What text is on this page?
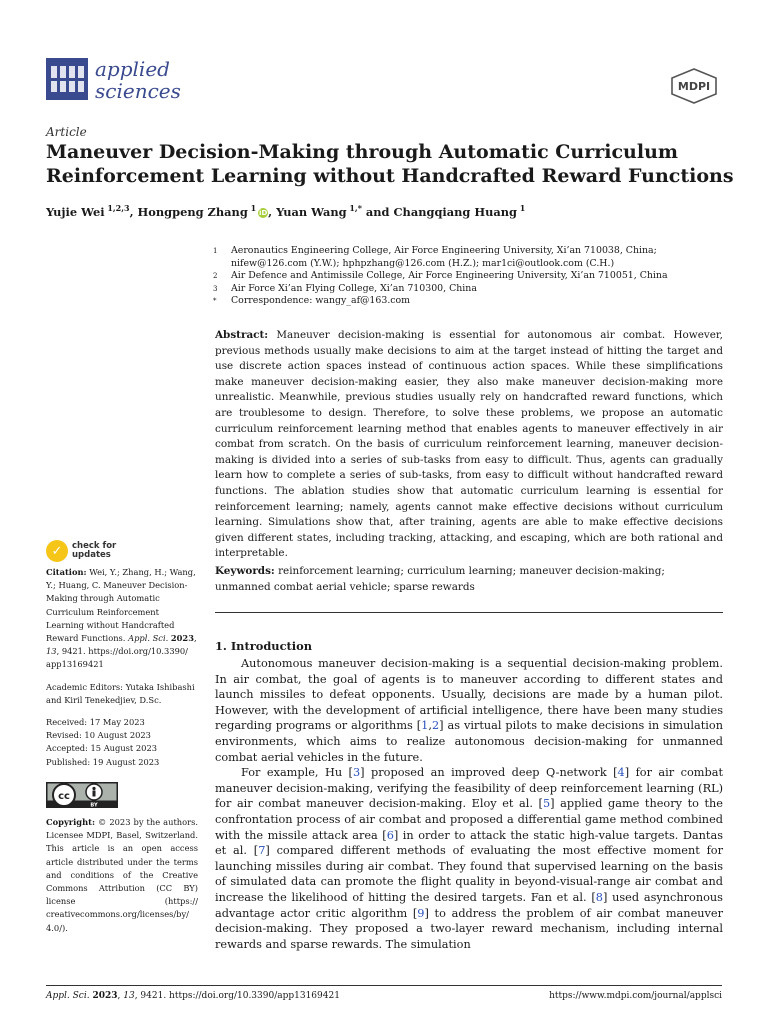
applied
sciences	MDPI
Article
Maneuver Decision-Making through Automatic Curriculum Reinforcement Learning without Handcrafted Reward Functions
Yujie Wei $^{1,2,3}$, Hongpeng Zhang $^1$ iD, Yuan Wang $^{1,*}$ and Changqiang Huang $^1$
1	Aeronautics Engineering College, Air Force Engineering University, Xi’an 710038, China; nifew@126.com (Y.W.); hphpzhang@126.com (H.Z.); mar1ci@outlook.com (C.H.)
2	Air Defence and Antimissile College, Air Force Engineering University, Xi’an 710051, China
3	Air Force Xi’an Flying College, Xi’an 710300, China
*	Correspondence: wangy_af@163.com

Abstract: Maneuver decision-making is essential for autonomous air combat. However, previous methods usually make decisions to aim at the target instead of hitting the target and use discrete action spaces instead of continuous action spaces. While these simplifications make maneuver decision-making easier, they also make maneuver decision-making more unrealistic. Meanwhile, previous studies usually rely on handcrafted reward functions, which are troublesome to design. Therefore, to solve these problems, we propose an automatic curriculum reinforcement learning method that enables agents to maneuver effectively in air combat from scratch. On the basis of curriculum reinforcement learning, maneuver decision-making is divided into a series of sub-tasks from easy to difficult. Thus, agents can gradually learn how to complete a series of sub-tasks, from easy to difficult without handcrafted reward functions. The ablation studies show that automatic curriculum learning is essential for reinforcement learning; namely, agents cannot make effective decisions without curriculum learning. Simulations show that, after training, agents are able to make effective decisions given different states, including tracking, attacking, and escaping, which are both rational and interpretable.

Keywords: reinforcement learning; curriculum learning; maneuver decision-making; unmanned combat aerial vehicle; sparse rewards

✓	check for
updates

Citation: Wei, Y.; Zhang, H.; Wang, Y.; Huang, C. Maneuver Decision-Making through Automatic Curriculum Reinforcement Learning without Handcrafted Reward Functions. Appl. Sci. 2023, 13, 9421. https://doi.org/10.3390/ app13169421

Academic Editors: Yutaka Ishibashi and Kiril Tenekedjiev, D.Sc.

Received: 17 May 2023
Revised: 10 August 2023
Accepted: 15 August 2023
Published: 19 August 2023

cc
BY

Copyright: © 2023 by the authors. Licensee MDPI, Basel, Switzerland. This article is an open access article distributed under the terms and conditions of the Creative Commons Attribution (CC BY) license (https:// creativecommons.org/licenses/by/ 4.0/).

1. Introduction

Autonomous maneuver decision-making is a sequential decision-making problem. In air combat, the goal of agents is to maneuver according to different states and launch missiles to defeat opponents. Usually, decisions are made by a human pilot. However, with the development of artificial intelligence, there have been many studies regarding programs or algorithms [1,2] as virtual pilots to make decisions in simulation environments, which aims to realize autonomous decision-making for unmanned combat aerial vehicles in the future.

For example, Hu [3] proposed an improved deep Q-network [4] for air combat maneuver decision-making, verifying the feasibility of deep reinforcement learning (RL) for air combat maneuver decision-making. Eloy et al. [5] applied game theory to the confrontation process of air combat and proposed a differential game method combined with the missile attack area [6] in order to attack the static high-value targets. Dantas et al. [7] compared different methods of evaluating the most effective moment for launching missiles during air combat. They found that supervised learning on the basis of simulated data can promote the flight quality in beyond-visual-range air combat and increase the likelihood of hitting the desired targets. Fan et al. [8] used asynchronous advantage actor critic algorithm [9] to address the problem of air combat maneuver decision-making. They proposed a two-layer reward mechanism, including internal rewards and sparse rewards. The simulation

Appl. Sci. 2023, 13, 9421. https://doi.org/10.3390/app13169421	https://www.mdpi.com/journal/applsci
